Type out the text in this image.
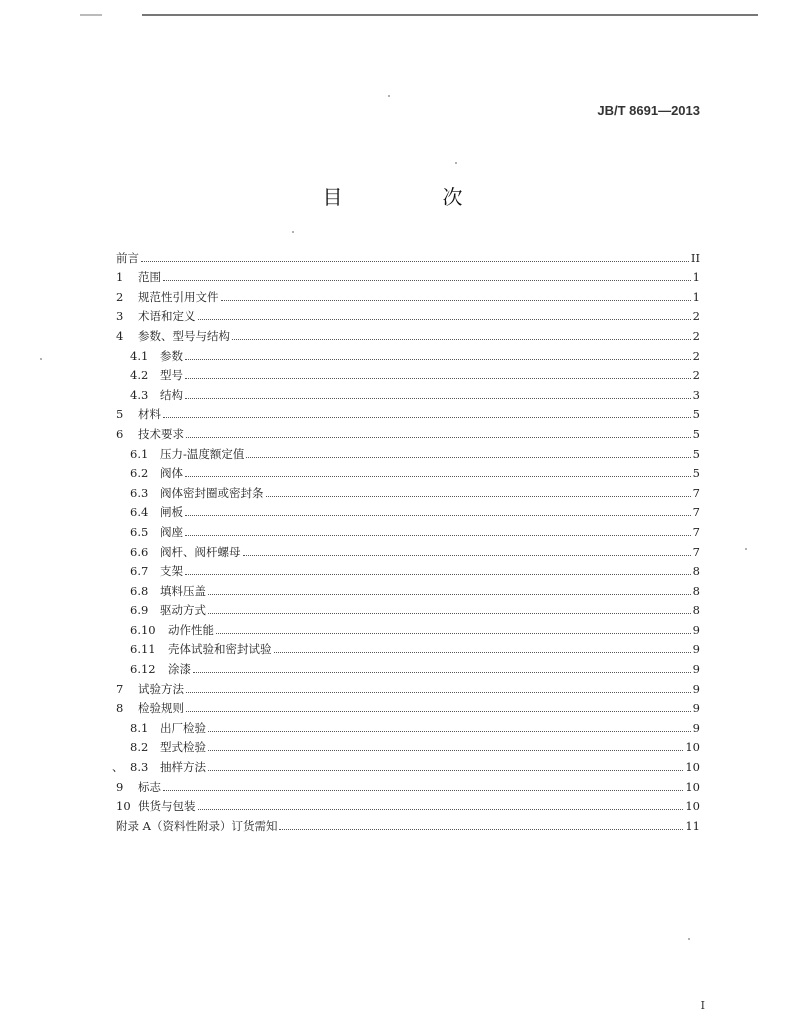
JB/T 8691—2013
目　次
前言	II
1	范围	1
2	规范性引用文件	1
3	术语和定义	2
4	参数、型号与结构	2
4.1	参数	2
4.2	型号	2
4.3	结构	3
5	材料	5
6	技术要求	5
6.1	压力-温度额定值	5
6.2	阀体	5
6.3	阀体密封圈或密封条	7
6.4	闸板	7
6.5	阀座	7
6.6	阀杆、阀杆螺母	7
6.7	支架	8
6.8	填料压盖	8
6.9	驱动方式	8
6.10	动作性能	9
6.11	壳体试验和密封试验	9
6.12	涂漆	9
7	试验方法	9
8	检验规则	9
8.1	出厂检验	9
8.2	型式检验	10
、 8.3	抽样方法	10
9	标志	10
10 供货与包装	10
附录 A（资料性附录）订货需知	11
I
